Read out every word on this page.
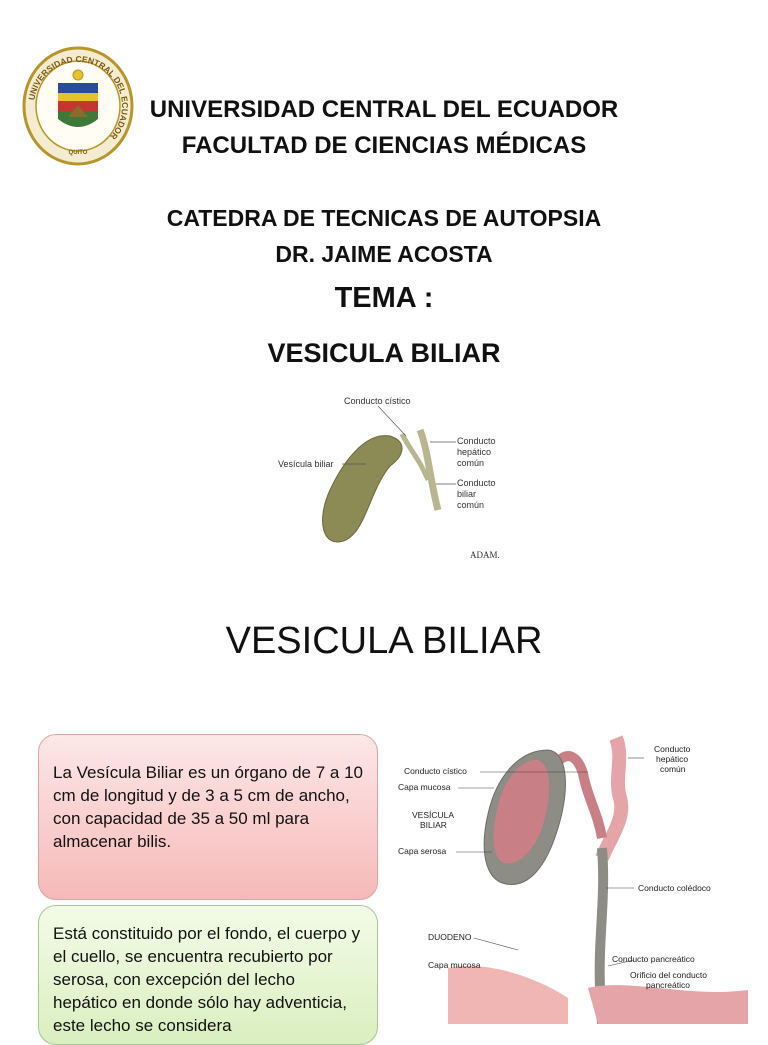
UNIVERSIDAD CENTRAL DEL ECUADOR
QUITO
UNIVERSIDAD CENTRAL DEL ECUADOR
FACULTAD DE CIENCIAS MÉDICAS
CATEDRA DE TECNICAS DE AUTOPSIA
DR. JAIME ACOSTA
TEMA :
VESICULA BILIAR
Conducto cístico
Vesícula biliar
Conducto
hepático
común
Conducto
biliar
común
ADAM.
VESICULA BILIAR
La Vesícula Biliar es un órgano de 7 a 10 cm de longitud y de 3 a 5 cm de ancho, con capacidad de 35 a 50 ml para almacenar bilis.
Está constituido por el fondo, el cuerpo y el cuello, se encuentra recubierto por serosa, con excepción del lecho hepático en donde sólo hay adventicia, este lecho se considera
Conducto cístico
Capa mucosa
VESÍCULA
BILIAR
Capa serosa
Conducto
hepático
común
Conducto colédoco
DUODENO
Capa mucosa
Conducto pancreático
Orificio del conducto
pancreático
